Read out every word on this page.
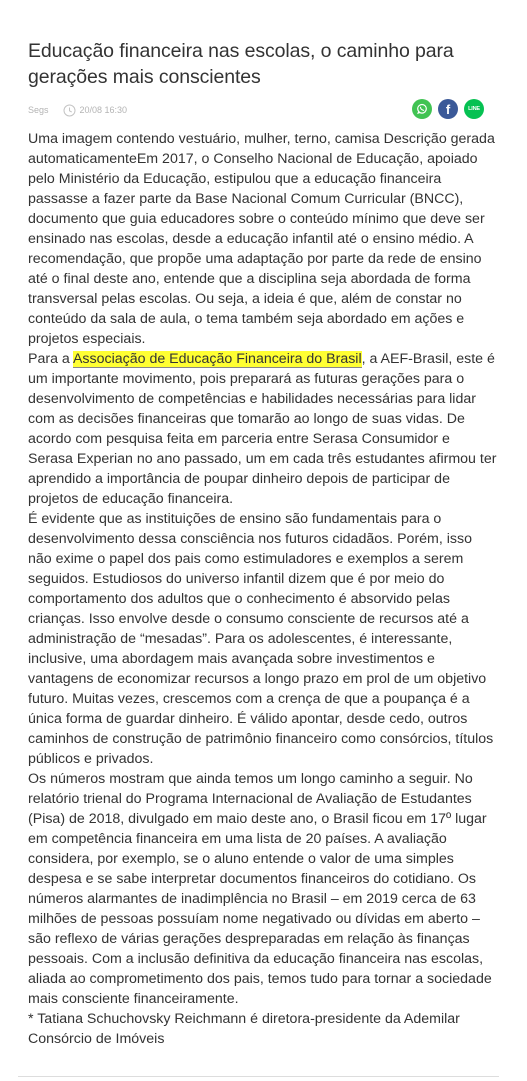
Educação financeira nas escolas, o caminho para gerações mais conscientes
Segs	20/08 16:30	f	LINE

Uma imagem contendo vestuário, mulher, terno, camisa Descrição gerada automaticamenteEm 2017, o Conselho Nacional de Educação, apoiado pelo Ministério da Educação, estipulou que a educação financeira passasse a fazer parte da Base Nacional Comum Curricular (BNCC), documento que guia educadores sobre o conteúdo mínimo que deve ser ensinado nas escolas, desde a educação infantil até o ensino médio. A recomendação, que propõe uma adaptação por parte da rede de ensino até o final deste ano, entende que a disciplina seja abordada de forma transversal pelas escolas. Ou seja, a ideia é que, além de constar no conteúdo da sala de aula, o tema também seja abordado em ações e projetos especiais.

Para a Associação de Educação Financeira do Brasil, a AEF-Brasil, este é um importante movimento, pois preparará as futuras gerações para o desenvolvimento de competências e habilidades necessárias para lidar com as decisões financeiras que tomarão ao longo de suas vidas. De acordo com pesquisa feita em parceria entre Serasa Consumidor e Serasa Experian no ano passado, um em cada três estudantes afirmou ter aprendido a importância de poupar dinheiro depois de participar de projetos de educação financeira.

É evidente que as instituições de ensino são fundamentais para o desenvolvimento dessa consciência nos futuros cidadãos. Porém, isso não exime o papel dos pais como estimuladores e exemplos a serem seguidos. Estudiosos do universo infantil dizem que é por meio do comportamento dos adultos que o conhecimento é absorvido pelas crianças. Isso envolve desde o consumo consciente de recursos até a administração de “mesadas”. Para os adolescentes, é interessante, inclusive, uma abordagem mais avançada sobre investimentos e vantagens de economizar recursos a longo prazo em prol de um objetivo futuro. Muitas vezes, crescemos com a crença de que a poupança é a única forma de guardar dinheiro. É válido apontar, desde cedo, outros caminhos de construção de patrimônio financeiro como consórcios, títulos públicos e privados.

Os números mostram que ainda temos um longo caminho a seguir. No relatório trienal do Programa Internacional de Avaliação de Estudantes (Pisa) de 2018, divulgado em maio deste ano, o Brasil ficou em 17º lugar em competência financeira em uma lista de 20 países. A avaliação considera, por exemplo, se o aluno entende o valor de uma simples despesa e se sabe interpretar documentos financeiros do cotidiano. Os números alarmantes de inadimplência no Brasil – em 2019 cerca de 63 milhões de pessoas possuíam nome negativado ou dívidas em aberto – são reflexo de várias gerações despreparadas em relação às finanças pessoais. Com a inclusão definitiva da educação financeira nas escolas, aliada ao comprometimento dos pais, temos tudo para tornar a sociedade mais consciente financeiramente.

* Tatiana Schuchovsky Reichmann é diretora-presidente da Ademilar Consórcio de Imóveis
